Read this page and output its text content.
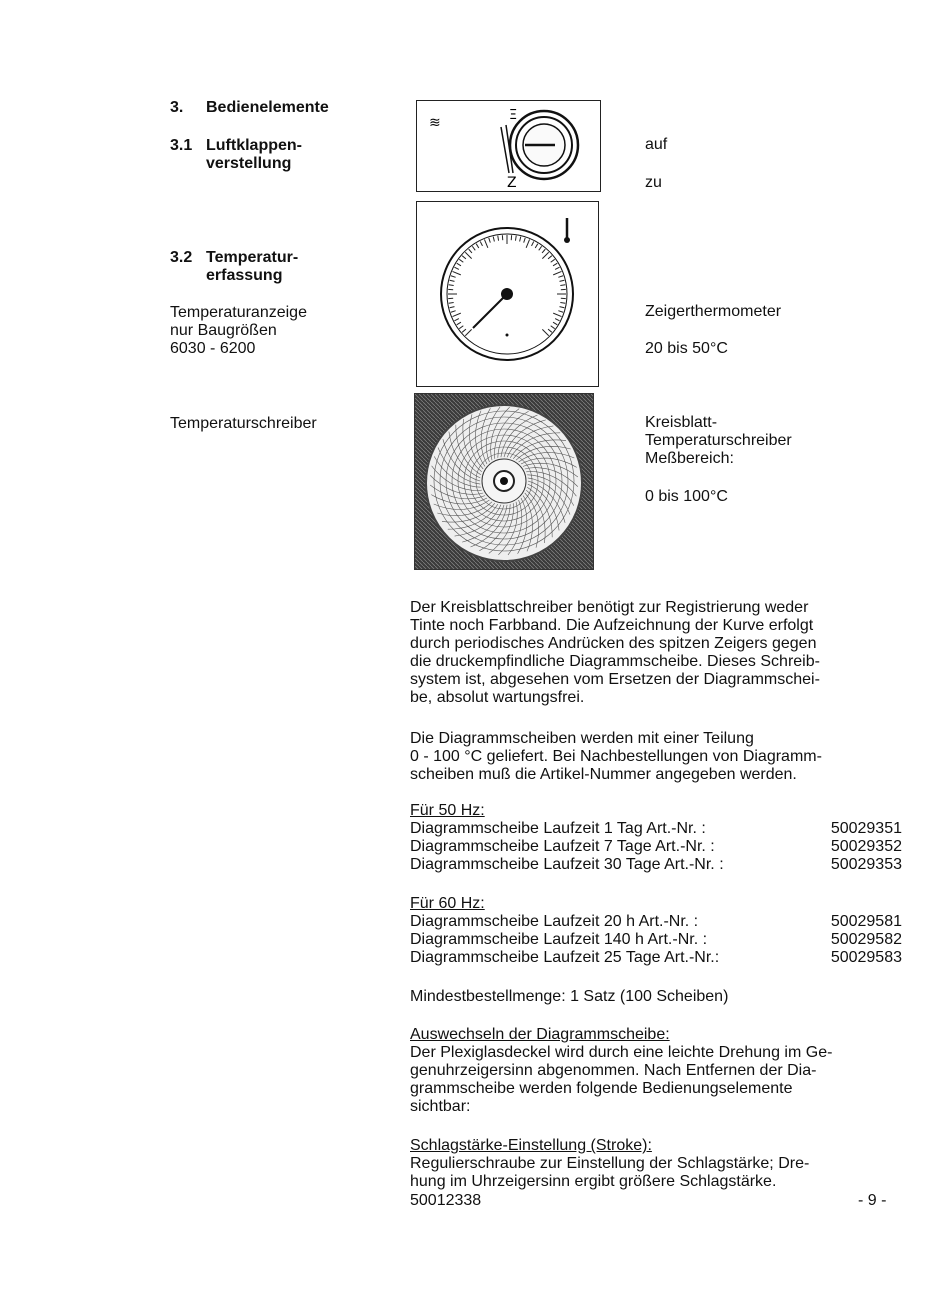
3. Bedienelemente
3.1 Luftklappen-
verstellung
3.2 Temperatur-
erfassung
Temperaturanzeige
nur Baugrößen
6030 - 6200
Temperaturschreiber
≋	Ξ
Z
auf
zu
Zeigerthermometer
20 bis 50°C
Kreisblatt-
Temperaturschreiber
Meßbereich:
0 bis 100°C
Der Kreisblattschreiber benötigt zur Registrierung weder
Tinte noch Farbband. Die Aufzeichnung der Kurve erfolgt
durch periodisches Andrücken des spitzen Zeigers gegen
die druckempfindliche Diagrammscheibe. Dieses Schreib-
system ist, abgesehen vom Ersetzen der Diagrammschei-
be, absolut wartungsfrei.
Die Diagrammscheiben werden mit einer Teilung
0 - 100 °C geliefert. Bei Nachbestellungen von Diagramm-
scheiben muß die Artikel-Nummer angegeben werden.
Für 50 Hz:
Diagrammscheibe Laufzeit 1 Tag Art.-Nr. :	50029351
Diagrammscheibe Laufzeit 7 Tage Art.-Nr. :	50029352
Diagrammscheibe Laufzeit 30 Tage Art.-Nr. :	50029353
Für 60 Hz:
Diagrammscheibe Laufzeit 20 h Art.-Nr. :	50029581
Diagrammscheibe Laufzeit 140 h Art.-Nr. :	50029582
Diagrammscheibe Laufzeit 25 Tage Art.-Nr.:	50029583
Mindestbestellmenge: 1 Satz (100 Scheiben)
Auswechseln der Diagrammscheibe:
Der Plexiglasdeckel wird durch eine leichte Drehung im Ge-
genuhrzeigersinn abgenommen. Nach Entfernen der Dia-
grammscheibe werden folgende Bedienungselemente
sichtbar:
Schlagstärke-Einstellung (Stroke):
Regulierschraube zur Einstellung der Schlagstärke; Dre-
hung im Uhrzeigersinn ergibt größere Schlagstärke.
50012338	- 9 -
